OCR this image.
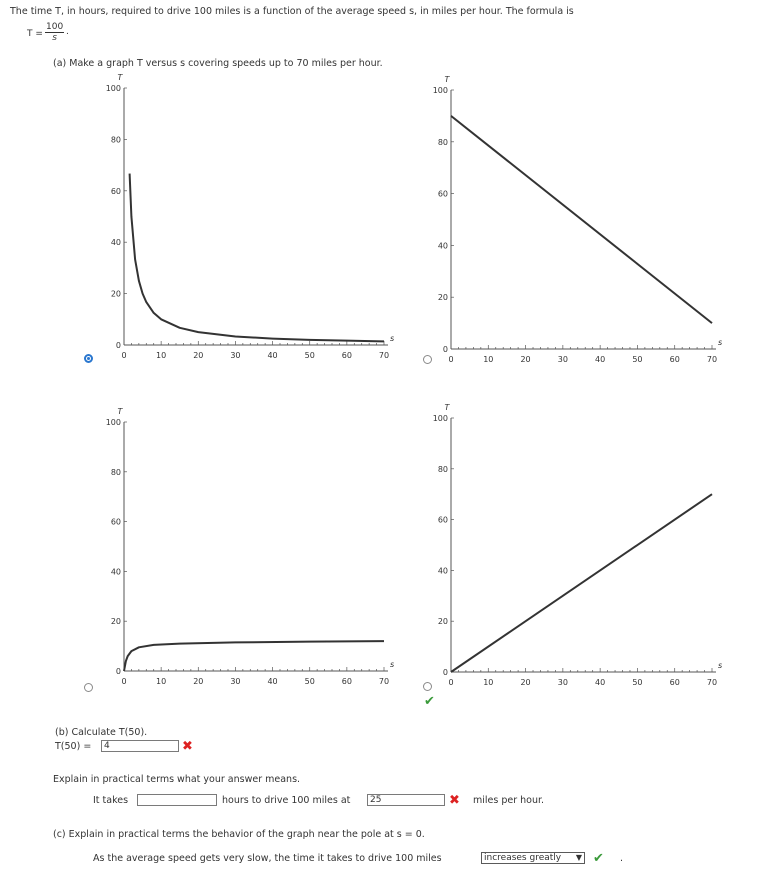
The time T, in hours, required to drive 100 miles is a function of the average speed s, in miles per hour. The formula is
$T = \frac{100}{s}$ .
(a) Make a graph T versus s covering speeds up to 70 miles per hour.
0	10	20	30	40	50	60	70
0
20
40
60
80
100
T
s
0	10	20	30	40	50	60	70
0
20
40
60
80
100
T
s
0	10	20	30	40	50	60	70
0
20
40
60
80
100
T
s
0	10	20	30	40	50	60	70
0
20
40
60
80
100
T
s
✔
(b) Calculate T(50).
T(50) =	4	✖
Explain in practical terms what your answer means.
It takes	hours to drive 100 miles at	25	✖ miles per hour.
(c) Explain in practical terms the behavior of the graph near the pole at s = 0.
As the average speed gets very slow, the time it takes to drive 100 miles	increases greatly ▼ ✔ .
